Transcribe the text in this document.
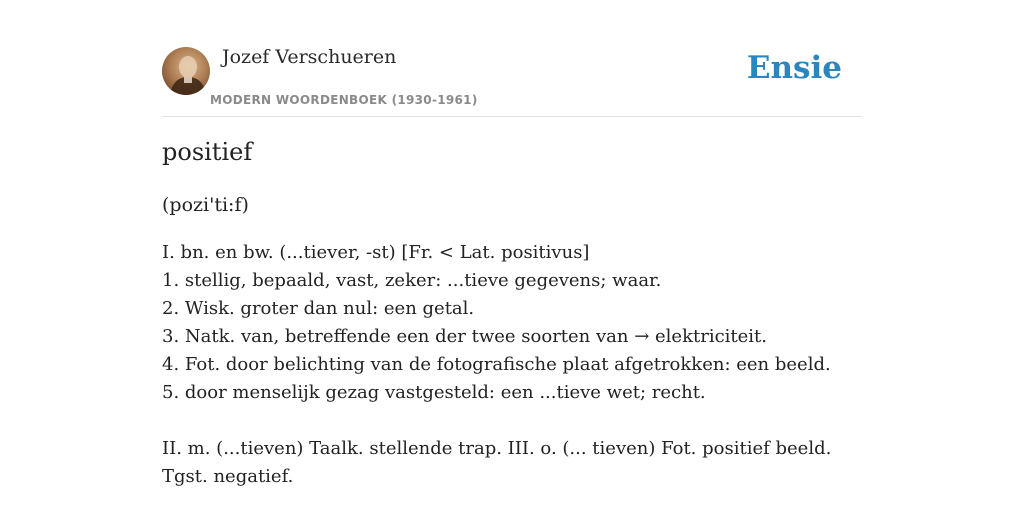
Jozef Verschueren
MODERN WOORDENBOEK (1930-1961)
Ensie
positief
(pozi'ti:f)
I. bn. en bw. (...tiever, -st) [Fr. < Lat. positivus]
1. stellig, bepaald, vast, zeker: ...tieve gegevens; waar.
2. Wisk. groter dan nul: een getal.
3. Natk. van, betreffende een der twee soorten van → elektriciteit.
4. Fot. door belichting van de fotografische plaat afgetrokken: een beeld.
5. door menselijk gezag vastgesteld: een ...tieve wet; recht.
II. m. (...tieven) Taalk. stellende trap. III. o. (... tieven) Fot. positief beeld. Tgst. negatief.
